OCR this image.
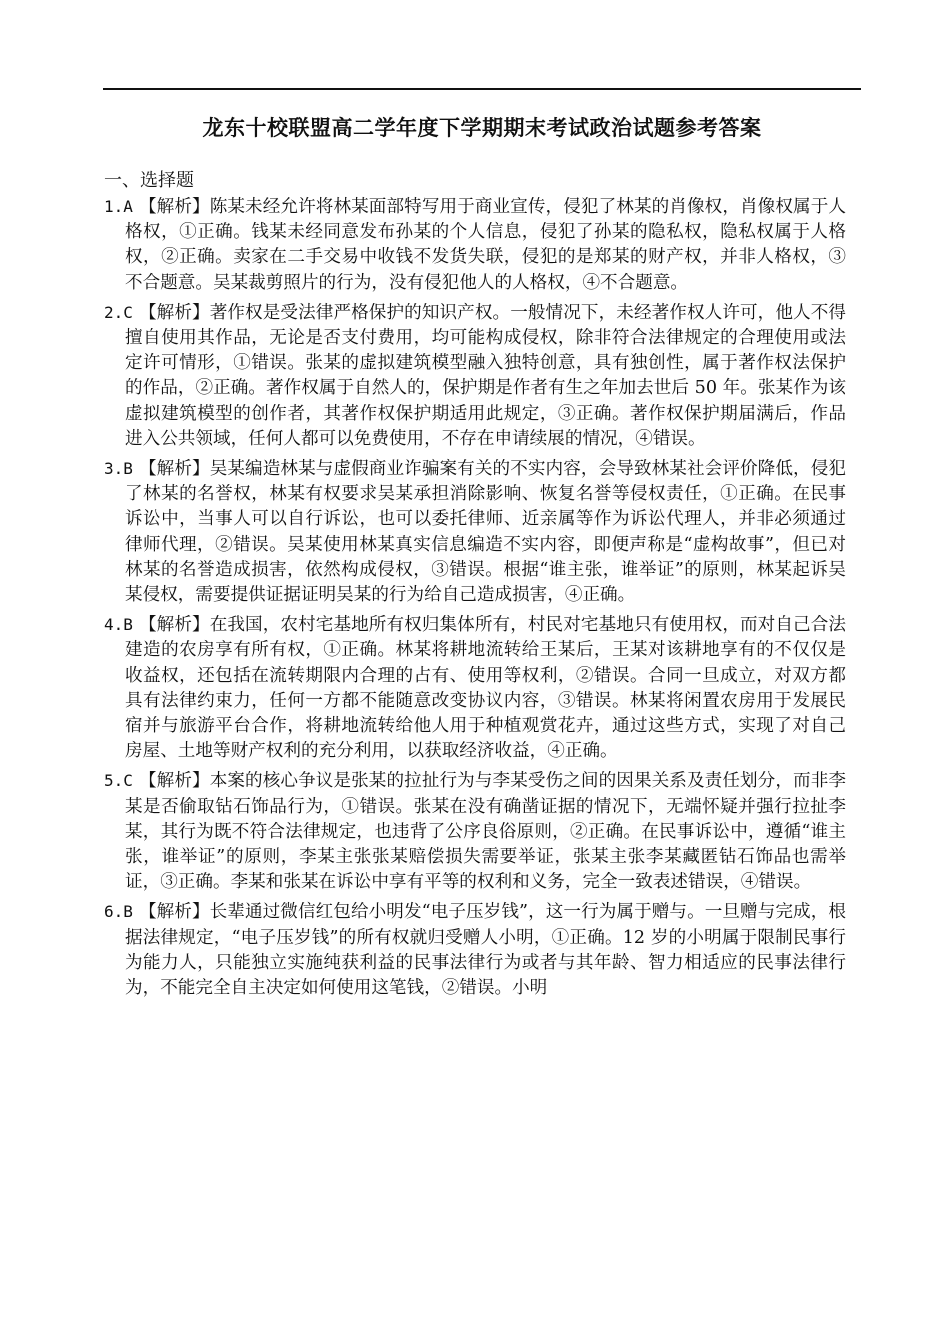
龙东十校联盟高二学年度下学期期末考试政治试题参考答案
一、选择题

1.A 【解析】陈某未经允许将林某面部特写用于商业宣传，侵犯了林某的肖像权，肖像权属于人格权，①正确。钱某未经同意发布孙某的个人信息，侵犯了孙某的隐私权，隐私权属于人格权，②正确。卖家在二手交易中收钱不发货失联，侵犯的是郑某的财产权，并非人格权，③不合题意。吴某裁剪照片的行为，没有侵犯他人的人格权，④不合题意。

2.C 【解析】著作权是受法律严格保护的知识产权。一般情况下，未经著作权人许可，他人不得擅自使用其作品，无论是否支付费用，均可能构成侵权，除非符合法律规定的合理使用或法定许可情形，①错误。张某的虚拟建筑模型融入独特创意，具有独创性，属于著作权法保护的作品，②正确。著作权属于自然人的，保护期是作者有生之年加去世后 50 年。张某作为该虚拟建筑模型的创作者，其著作权保护期适用此规定，③正确。著作权保护期届满后，作品进入公共领域，任何人都可以免费使用，不存在申请续展的情况，④错误。

3.B 【解析】吴某编造林某与虚假商业诈骗案有关的不实内容，会导致林某社会评价降低，侵犯了林某的名誉权，林某有权要求吴某承担消除影响、恢复名誉等侵权责任，①正确。在民事诉讼中，当事人可以自行诉讼，也可以委托律师、近亲属等作为诉讼代理人，并非必须通过律师代理，②错误。吴某使用林某真实信息编造不实内容，即便声称是“虚构故事”，但已对林某的名誉造成损害，依然构成侵权，③错误。根据“谁主张，谁举证”的原则，林某起诉吴某侵权，需要提供证据证明吴某的行为给自己造成损害，④正确。

4.B 【解析】在我国，农村宅基地所有权归集体所有，村民对宅基地只有使用权，而对自己合法建造的农房享有所有权，①正确。林某将耕地流转给王某后，王某对该耕地享有的不仅仅是收益权，还包括在流转期限内合理的占有、使用等权利，②错误。合同一旦成立，对双方都具有法律约束力，任何一方都不能随意改变协议内容，③错误。林某将闲置农房用于发展民宿并与旅游平台合作，将耕地流转给他人用于种植观赏花卉，通过这些方式，实现了对自己房屋、土地等财产权利的充分利用，以获取经济收益，④正确。

5.C 【解析】本案的核心争议是张某的拉扯行为与李某受伤之间的因果关系及责任划分，而非李某是否偷取钻石饰品行为，①错误。张某在没有确凿证据的情况下，无端怀疑并强行拉扯李某，其行为既不符合法律规定，也违背了公序良俗原则，②正确。在民事诉讼中，遵循“谁主张，谁举证”的原则，李某主张张某赔偿损失需要举证，张某主张李某藏匿钻石饰品也需举证，③正确。李某和张某在诉讼中享有平等的权利和义务，完全一致表述错误，④错误。

6.B 【解析】长辈通过微信红包给小明发“电子压岁钱”，这一行为属于赠与。一旦赠与完成，根据法律规定，“电子压岁钱”的所有权就归受赠人小明，①正确。12 岁的小明属于限制民事行为能力人，只能独立实施纯获利益的民事法律行为或者与其年龄、智力相适应的民事法律行为，不能完全自主决定如何使用这笔钱，②错误。小明
